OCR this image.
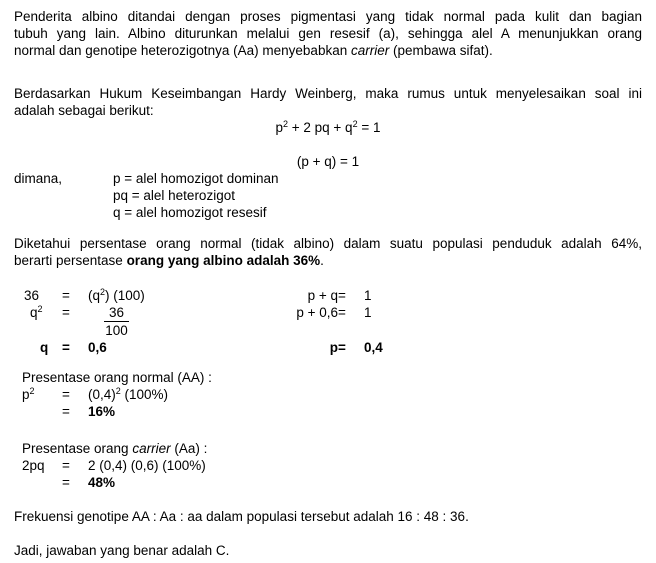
Penderita albino ditandai dengan proses pigmentasi yang tidak normal pada kulit dan bagian
tubuh yang lain. Albino diturunkan melalui gen resesif (a), sehingga alel A menunjukkan orang
normal dan genotipe heterozigotnya (Aa) menyebabkan carrier (pembawa sifat).
Berdasarkan Hukum Keseimbangan Hardy Weinberg, maka rumus untuk menyelesaikan soal ini
adalah sebagai berikut:
$p^2 + 2$ pq + $q^2 = 1$
(p + q) = 1
dimana,	p = alel homozigot dominan
pq = alel heterozigot
q = alel homozigot resesif
Diketahui persentase orang normal (tidak albino) dalam suatu populasi penduduk adalah 64%,
berarti persentase orang yang albino adalah 36%.
36	=	$(q^2)$ (100)	p + q =	1
$q^2$	=	$\frac{36}{100}$	p + 0,6 =	1
q	=	0,6	p =	0,4
Presentase orang normal (AA) :
$p^2$	=	$(0,4)^2$ (100%)
=	16%
Presentase orang carrier (Aa) :
2pq	=	2 (0,4) (0,6) (100%)
=	48%
Frekuensi genotipe AA : Aa : aa dalam populasi tersebut adalah 16 : 48 : 36.
Jadi, jawaban yang benar adalah C.
